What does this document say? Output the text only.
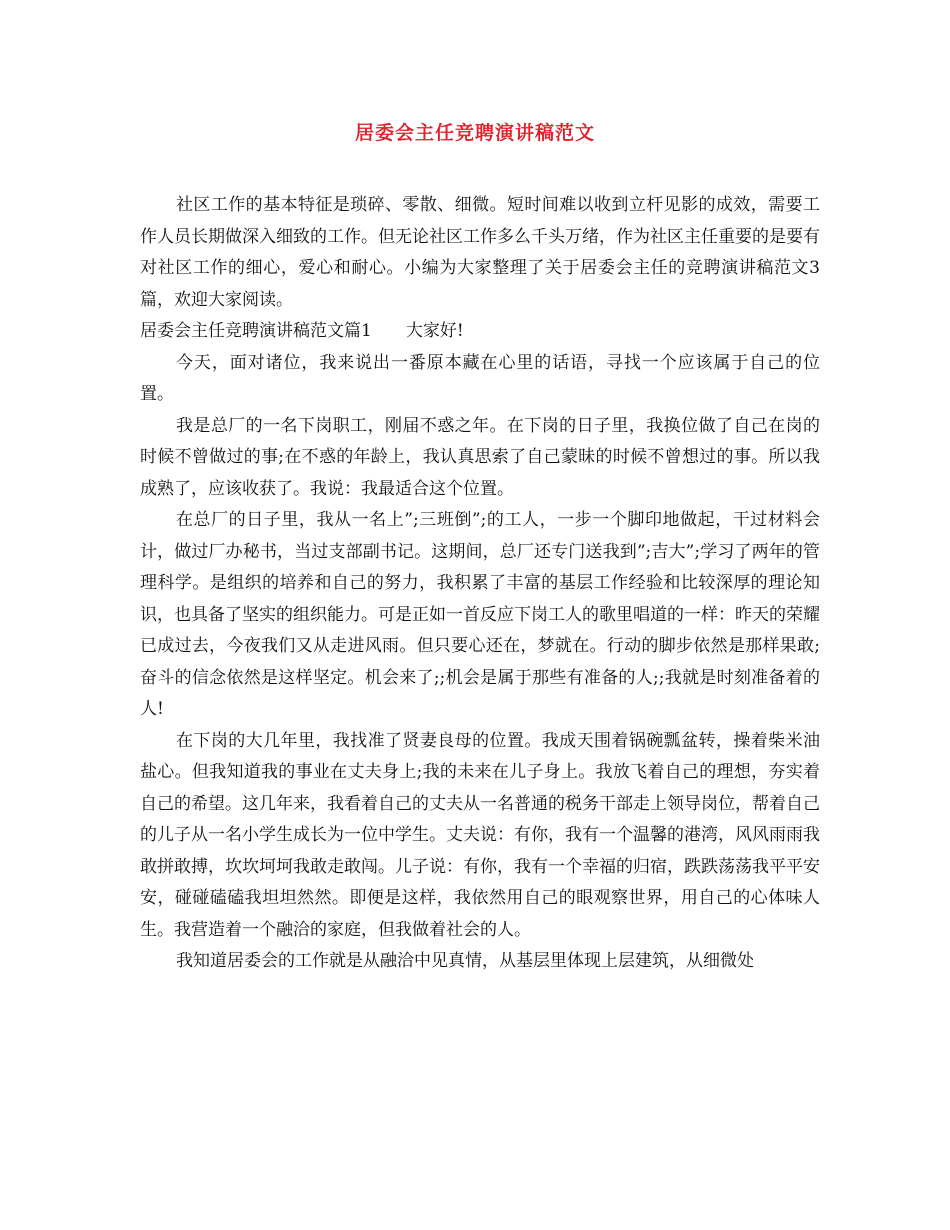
居委会主任竞聘演讲稿范文

社区工作的基本特征是琐碎、零散、细微。短时间难以收到立杆见影的成效，需要工作人员长期做深入细致的工作。但无论社区工作多么千头万绪，作为社区主任重要的是要有对社区工作的细心，爱心和耐心。小编为大家整理了关于居委会主任的竞聘演讲稿范文3篇，欢迎大家阅读。

居委会主任竞聘演讲稿范文篇1 大家好!

今天，面对诸位，我来说出一番原本藏在心里的话语，寻找一个应该属于自己的位置。

我是总厂的一名下岗职工，刚届不惑之年。在下岗的日子里，我换位做了自己在岗的时候不曾做过的事;在不惑的年龄上，我认真思索了自己蒙昧的时候不曾想过的事。所以我成熟了，应该收获了。我说：我最适合这个位置。

在总厂的日子里，我从一名上”;三班倒”;的工人，一步一个脚印地做起，干过材料会计，做过厂办秘书，当过支部副书记。这期间，总厂还专门送我到”;吉大”;学习了两年的管理科学。是组织的培养和自己的努力，我积累了丰富的基层工作经验和比较深厚的理论知识，也具备了坚实的组织能力。可是正如一首反应下岗工人的歌里唱道的一样：昨天的荣耀已成过去，今夜我们又从走进风雨。但只要心还在，梦就在。行动的脚步依然是那样果敢;奋斗的信念依然是这样坚定。机会来了;;机会是属于那些有准备的人;;我就是时刻准备着的人!

在下岗的大几年里，我找准了贤妻良母的位置。我成天围着锅碗瓢盆转，操着柴米油盐心。但我知道我的事业在丈夫身上;我的未来在儿子身上。我放飞着自己的理想，夯实着自己的希望。这几年来，我看着自己的丈夫从一名普通的税务干部走上领导岗位，帮着自己的儿子从一名小学生成长为一位中学生。丈夫说：有你，我有一个温馨的港湾，风风雨雨我敢拼敢搏，坎坎坷坷我敢走敢闯。儿子说：有你，我有一个幸福的归宿，跌跌荡荡我平平安安，碰碰磕磕我坦坦然然。即便是这样，我依然用自己的眼观察世界，用自己的心体味人生。我营造着一个融洽的家庭，但我做着社会的人。

我知道居委会的工作就是从融洽中见真情，从基层里体现上层建筑，从细微处
